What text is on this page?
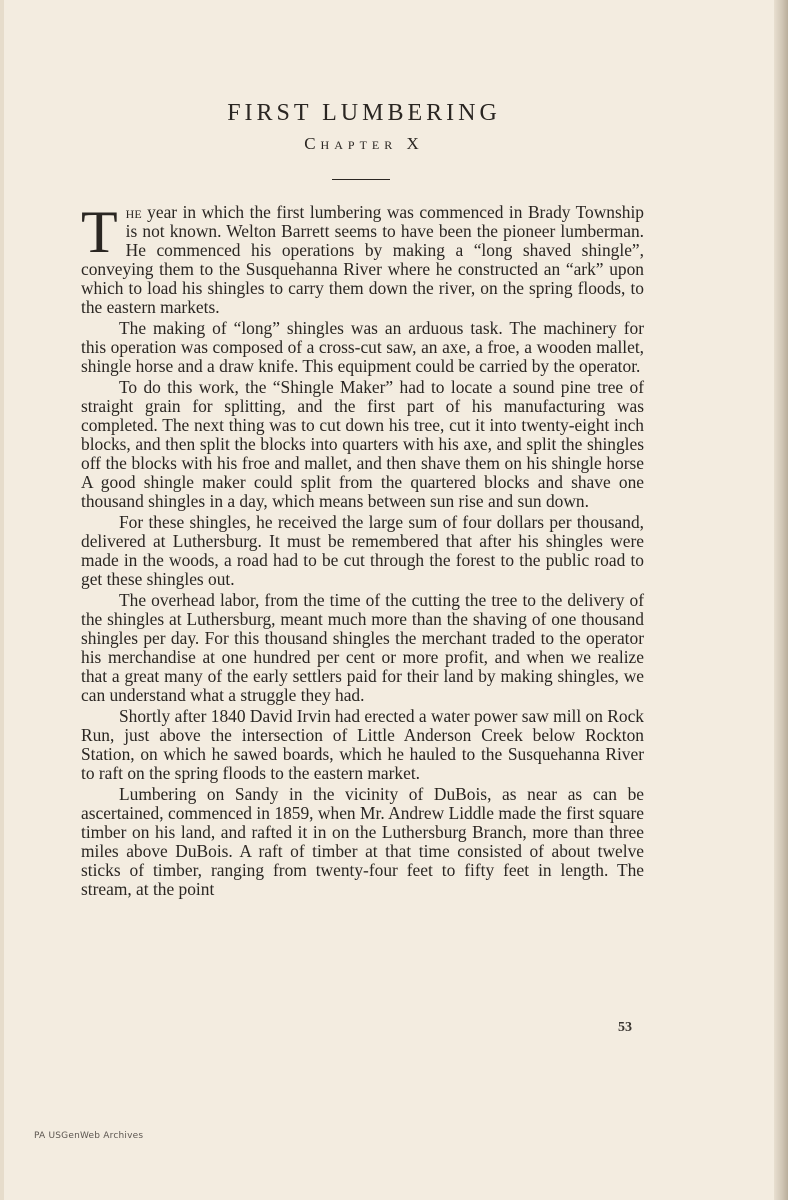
FIRST LUMBERING
Chapter X

The year in which the first lumbering was commenced in Brady Township is not known. Welton Barrett seems to have been the pioneer lumberman. He commenced his operations by making a “long shaved shingle”, conveying them to the Susquehanna River where he constructed an “ark” upon which to load his shingles to carry them down the river, on the spring floods, to the eastern markets.

The making of “long” shingles was an arduous task. The machinery for this operation was composed of a cross-cut saw, an axe, a froe, a wooden mallet, shingle horse and a draw knife. This equipment could be carried by the operator.

To do this work, the “Shingle Maker” had to locate a sound pine tree of straight grain for splitting, and the first part of his manufacturing was completed. The next thing was to cut down his tree, cut it into twenty-eight inch blocks, and then split the blocks into quarters with his axe, and split the shingles off the blocks with his froe and mallet, and then shave them on his shingle horse A good shingle maker could split from the quartered blocks and shave one thousand shingles in a day, which means between sun rise and sun down.

For these shingles, he received the large sum of four dollars per thousand, delivered at Luthersburg. It must be remembered that after his shingles were made in the woods, a road had to be cut through the forest to the public road to get these shingles out.

The overhead labor, from the time of the cutting the tree to the delivery of the shingles at Luthersburg, meant much more than the shaving of one thousand shingles per day. For this thousand shingles the merchant traded to the operator his merchandise at one hundred per cent or more profit, and when we realize that a great many of the early settlers paid for their land by making shingles, we can understand what a struggle they had.

Shortly after 1840 David Irvin had erected a water power saw mill on Rock Run, just above the intersection of Little Anderson Creek below Rockton Station, on which he sawed boards, which he hauled to the Susquehanna River to raft on the spring floods to the eastern market.

Lumbering on Sandy in the vicinity of DuBois, as near as can be ascertained, commenced in 1859, when Mr. Andrew Liddle made the first square timber on his land, and rafted it in on the Luthersburg Branch, more than three miles above DuBois. A raft of timber at that time consisted of about twelve sticks of timber, ranging from twenty-four feet to fifty feet in length. The stream, at the point

53
PA USGenWeb Archives
